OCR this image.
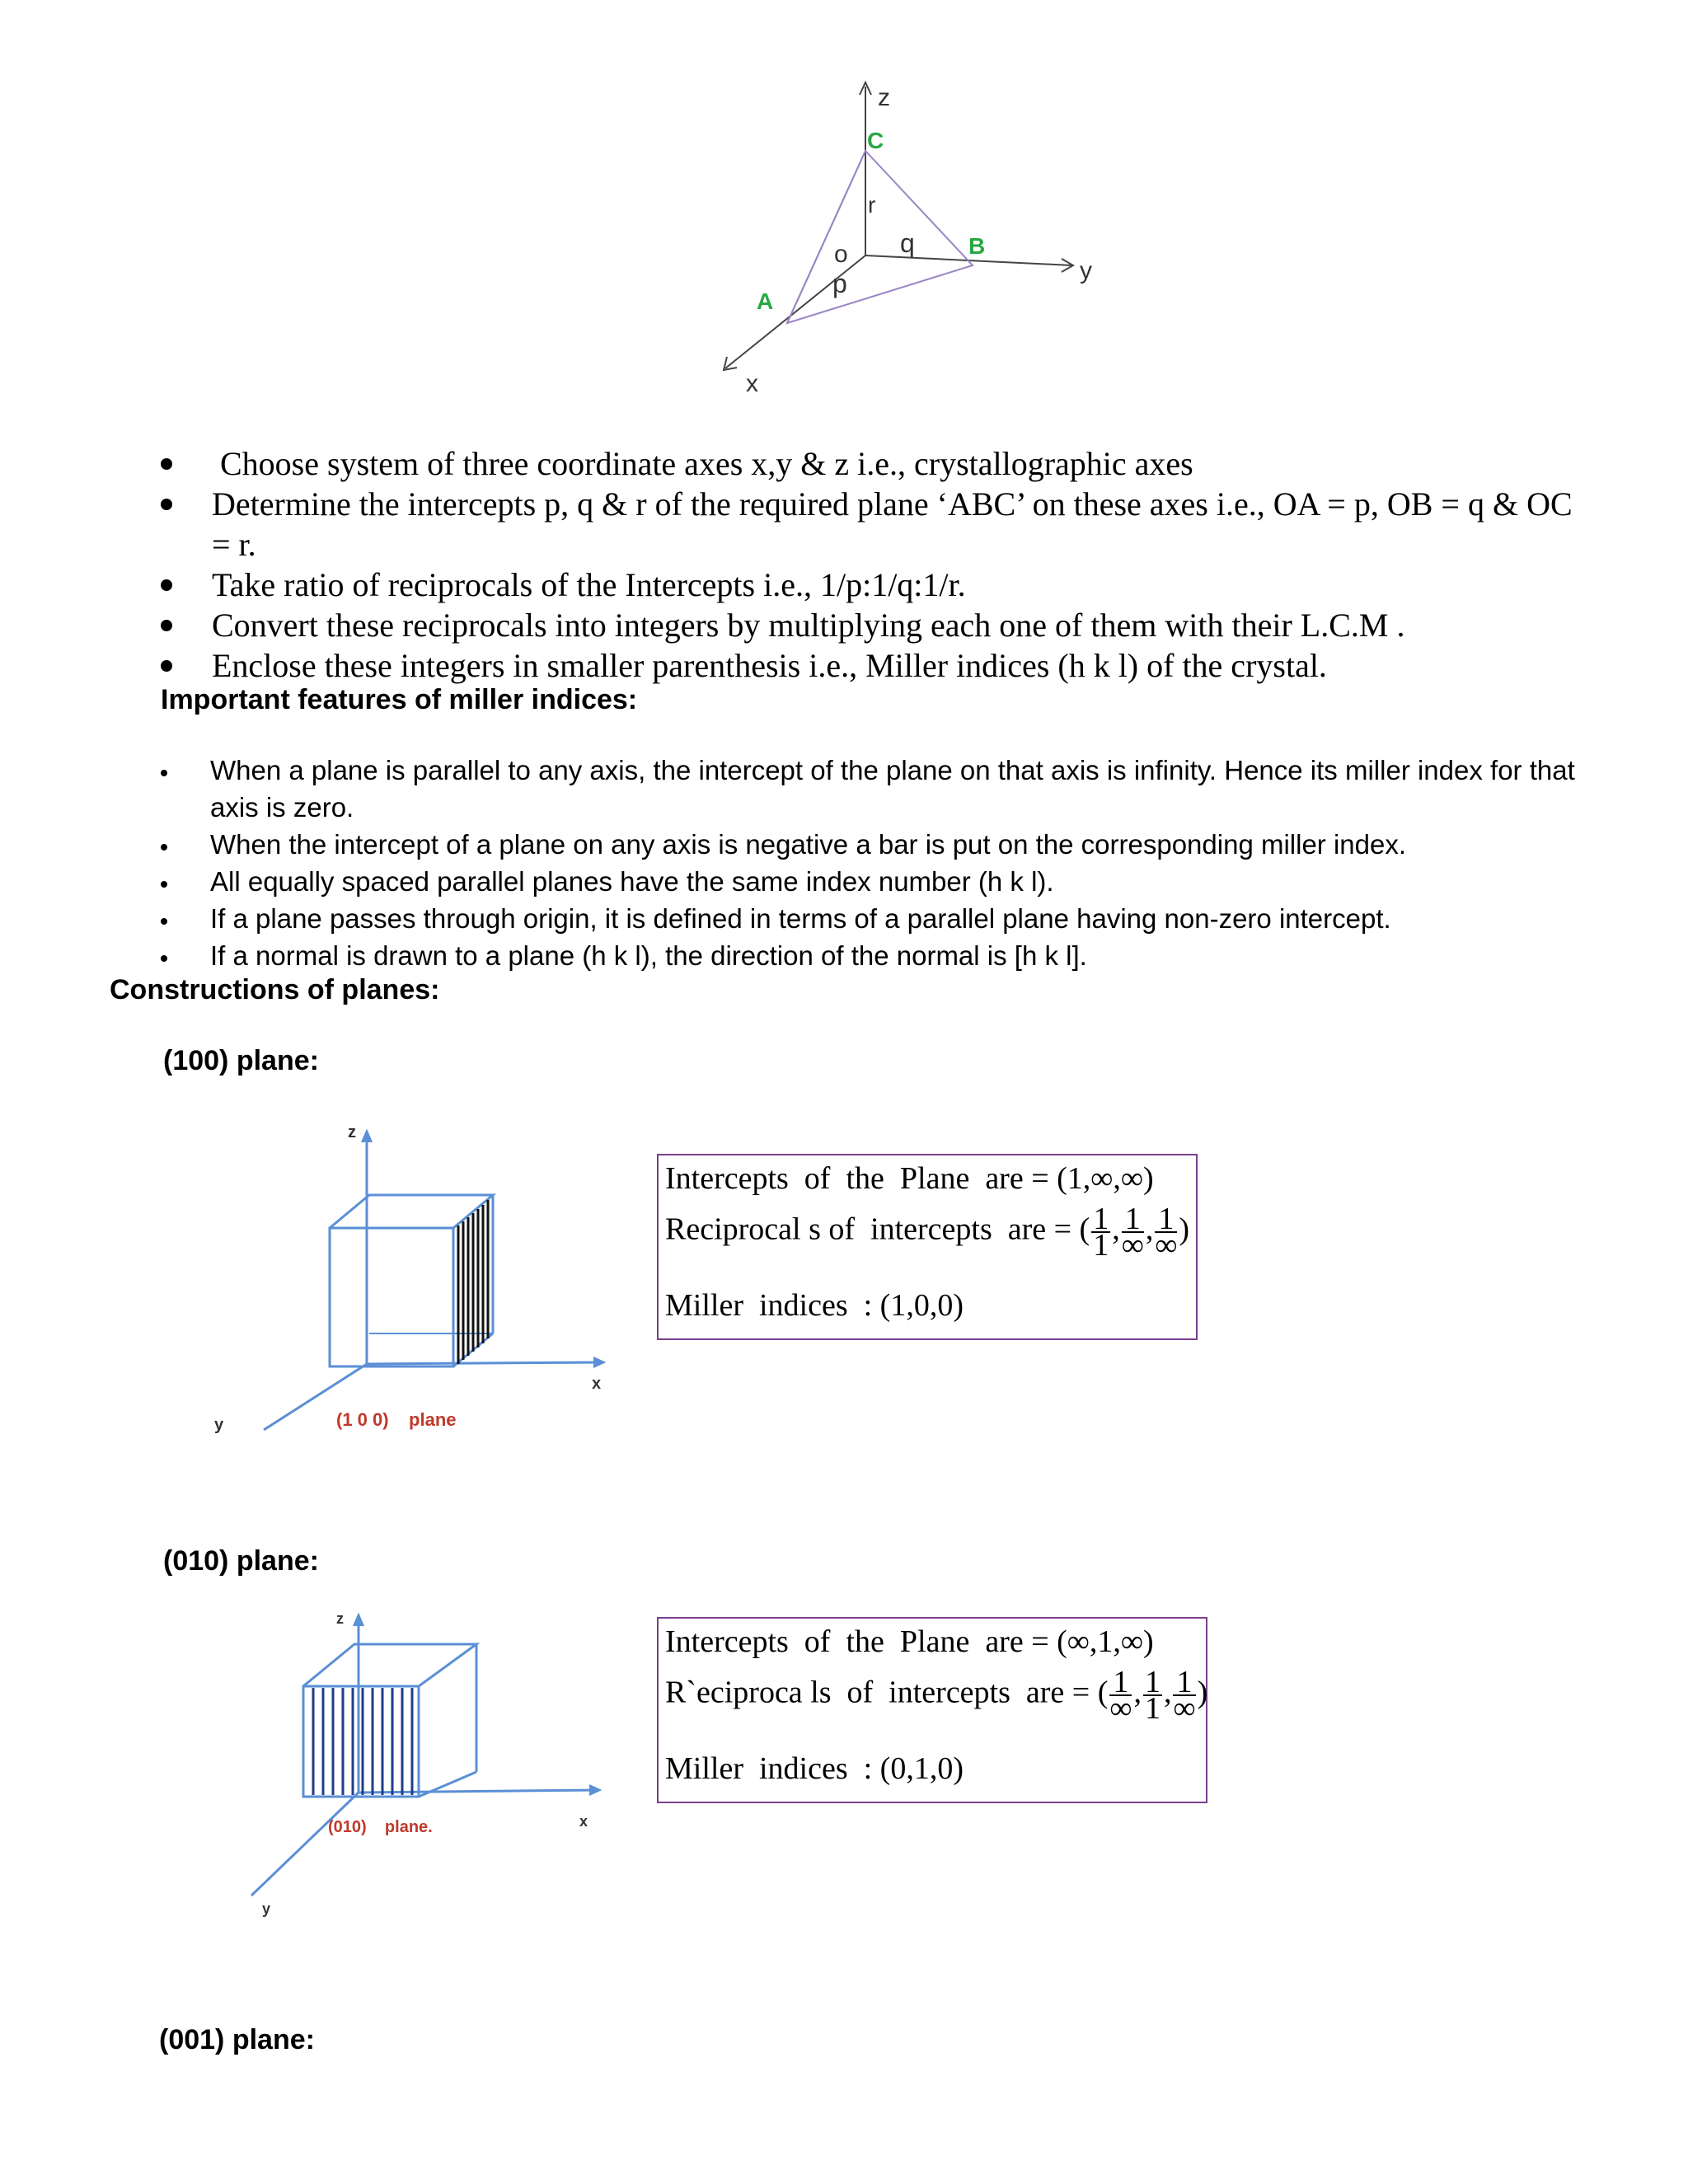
z
y
x
C
B
A
o
p
q
r
Choose system of three coordinate axes x,y & z i.e., crystallographic axes
Determine the intercepts p, q & r of the required plane ‘ABC’ on these axes i.e., OA = p, OB = q & OC = r.
Take ratio of reciprocals of the Intercepts i.e., 1/p:1/q:1/r.
Convert these reciprocals into integers by multiplying each one of them with their L.C.M .
Enclose these integers in smaller parenthesis i.e., Miller indices (h k l) of the crystal.
Important features of miller indices:
When a plane is parallel to any axis, the intercept of the plane on that axis is infinity. Hence its miller index for that axis is zero.
When the intercept of a plane on any axis is negative a bar is put on the corresponding miller index.
All equally spaced parallel planes have the same index number (h k l).
If a plane passes through origin, it is defined in terms of a parallel plane having non-zero intercept.
If a normal is drawn to a plane (h k l), the direction of the normal is [h k l].
Constructions of planes:
(100) plane:
z
x
y	(1 0 0)    plane
Intercepts  of  the  Plane  are = (1,∞,∞)
Reciprocal s of  intercepts  are = ( $\frac{1}{1}$ , $\frac{1}{\infty}$ , $\frac{1}{\infty}$ )
Miller  indices  : (1,0,0)
(010) plane:
z
x
y
(010)    plane.
Intercepts  of  the  Plane  are = (∞,1,∞)
R`eciproca ls  of  intercepts  are = ( $\frac{1}{\infty}$ , $\frac{1}{1}$ , $\frac{1}{\infty}$ )
Miller  indices  : (0,1,0)
(001) plane:
